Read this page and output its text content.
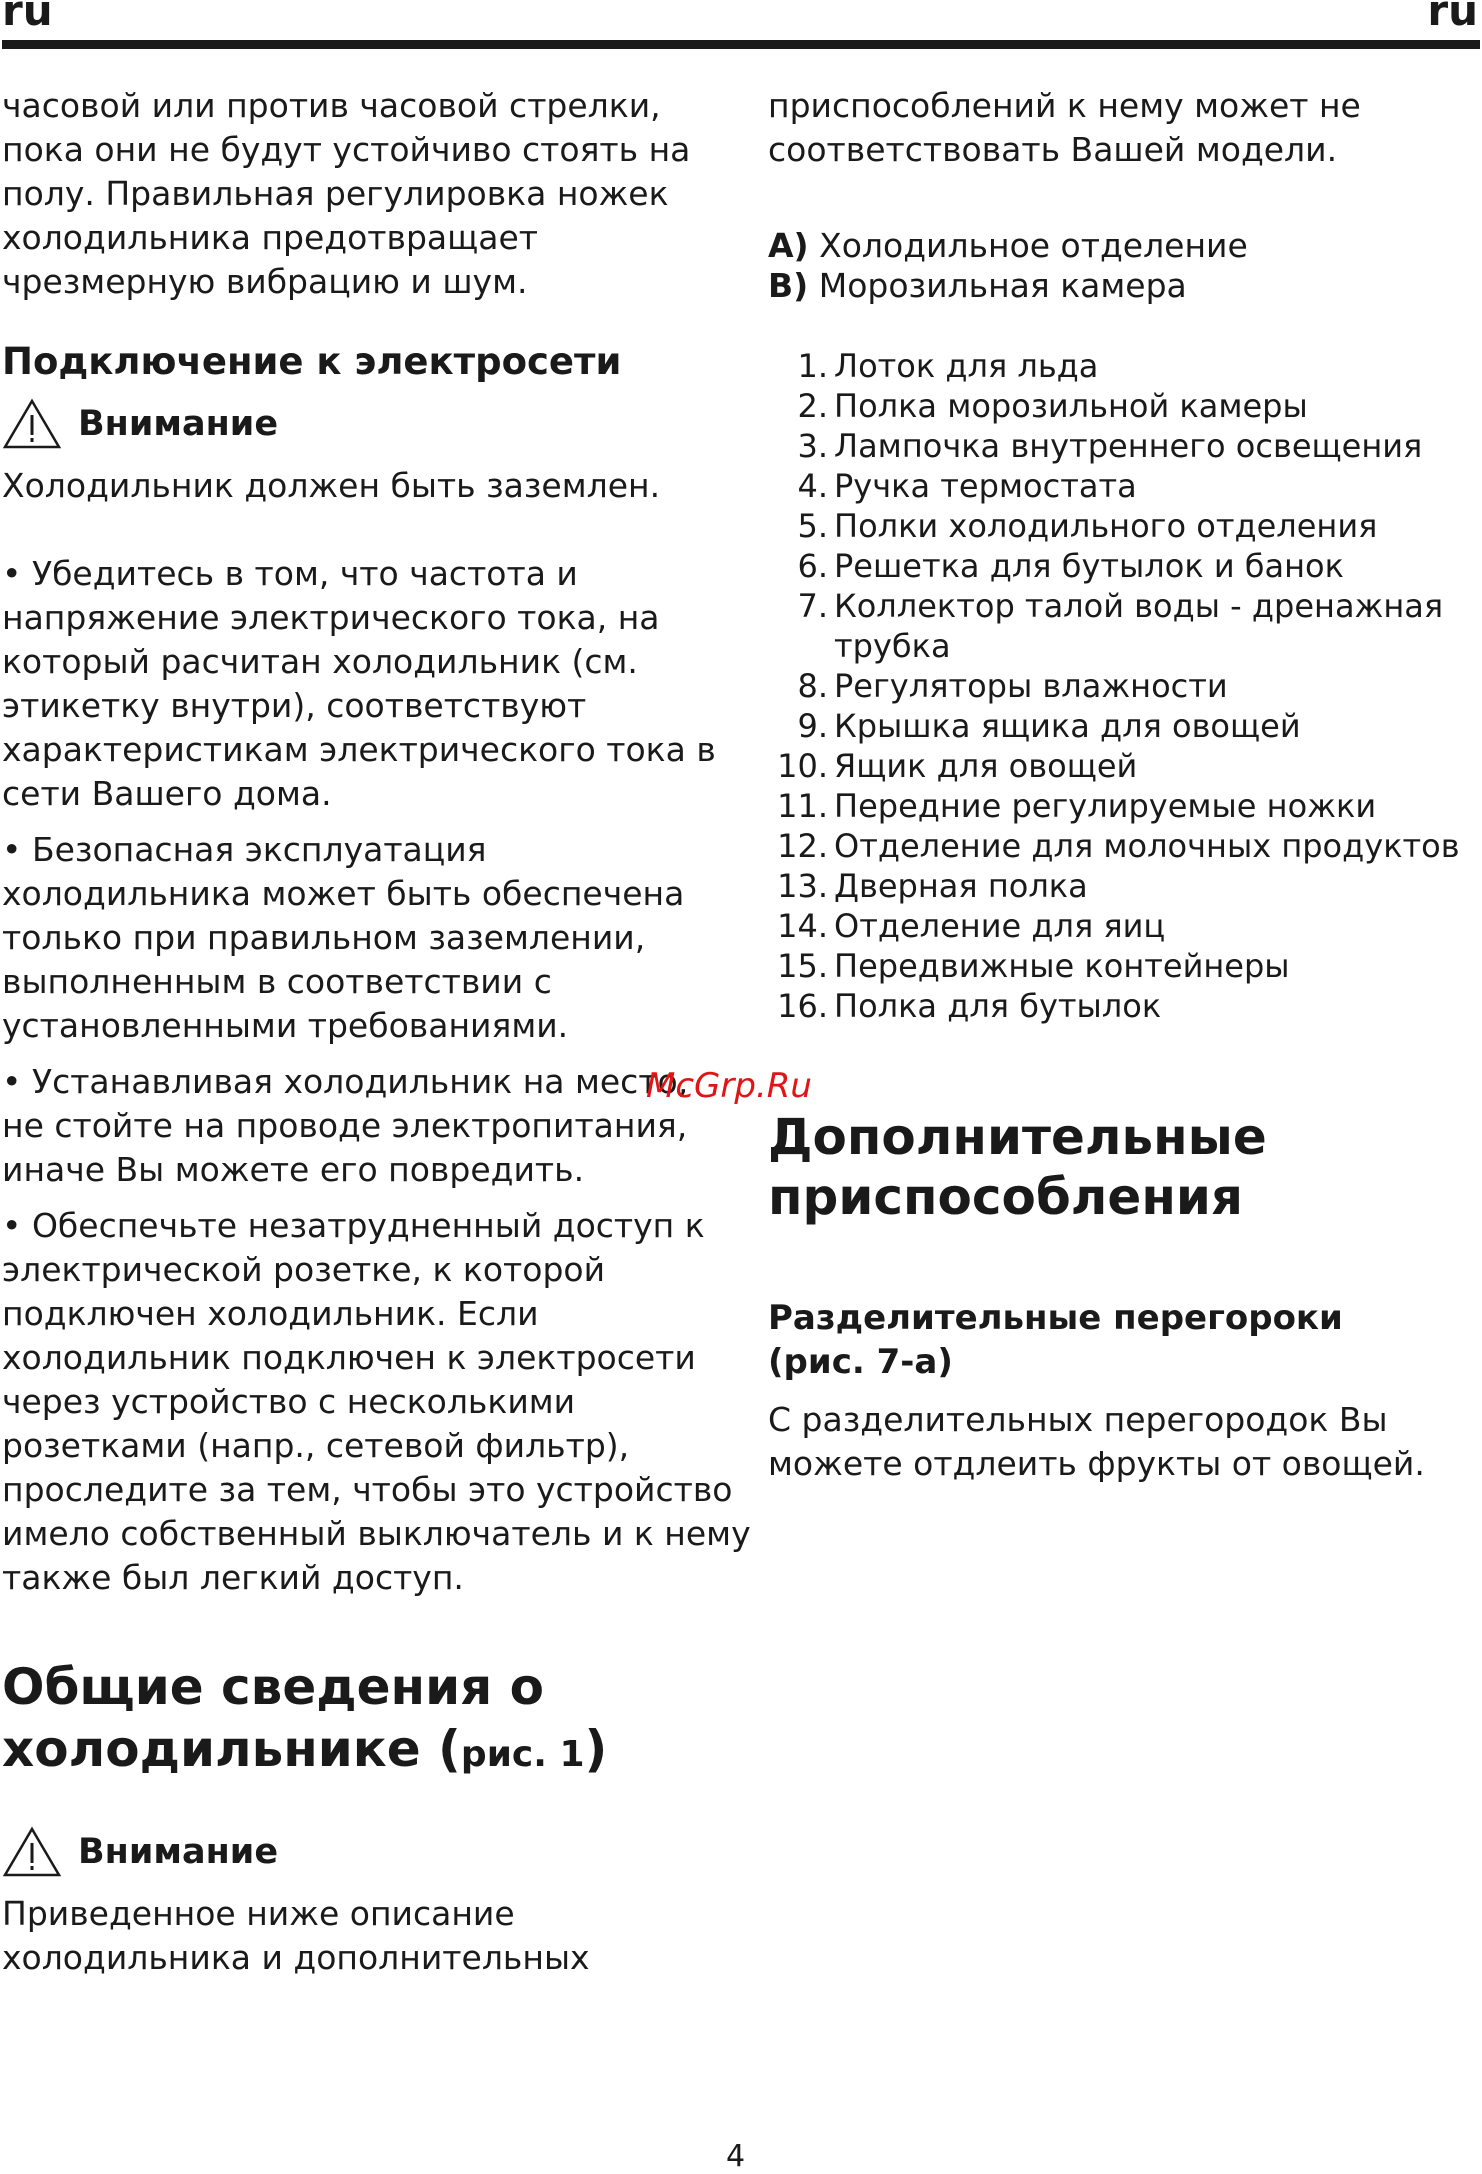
ru	ru

часовой или против часовой стрелки,

пока они не будут устойчиво стоять на

полу. Правильная регулировка ножек

холодильника предотвращает

чрезмерную вибрацию и шум.

Подключение к электросети
Внимание

Холодильник должен быть заземлен.

• Убедитесь в том, что частота и

напряжение электрического тока, на

который расчитан холодильник (см.

этикетку внутри), соответствуют

характеристикам электрического тока в

сети Вашего дома.

• Безопасная эксплуатация

холодильника может быть обеспечена

только при правильном заземлении,

выполненным в соответствии с

установленными требованиями.

• Устанавливая холодильник на место,

не стойте на проводе электропитания,

иначе Вы можете его повредить.

• Обеспечьте незатрудненный доступ к

электрической розетке, к которой

подключен холодильник. Если

холодильник подключен к электросети

через устройство с несколькими

розетками (напр., сетевой фильтр),

проследите за тем, чтобы это устройство

имело собственный выключатель и к нему

также был легкий доступ.

Общие сведения о
холодильнике (рис. 1)
Внимание

Приведенное ниже описание

холодильника и дополнительных

приспособлений к нему может не

соответствовать Вашей модели.

A) Холодильное отделение
B) Морозильная камера
1. Лоток для льда
2. Полка морозильной камеры
3. Лампочка внутреннего освещения
4. Ручка термостата
5. Полки холодильного отделения
6. Решетка для бутылок и банок
7. Коллектор талой воды - дренажная
трубка
8. Регуляторы влажности
9. Крышка ящика для овощей
10. Ящик для овощей
11. Передние регулируемые ножки
12. Отделение для молочных продуктов
13. Дверная полка
14. Отделение для яиц
15. Передвижные контейнеры
16. Полка для бутылок
Дополнительные
приспособления
Разделительные перегороки
(рис. 7-a)

С разделительных перегородок Вы

можете отдлеить фрукты от овощей.

McGrp.Ru
4
